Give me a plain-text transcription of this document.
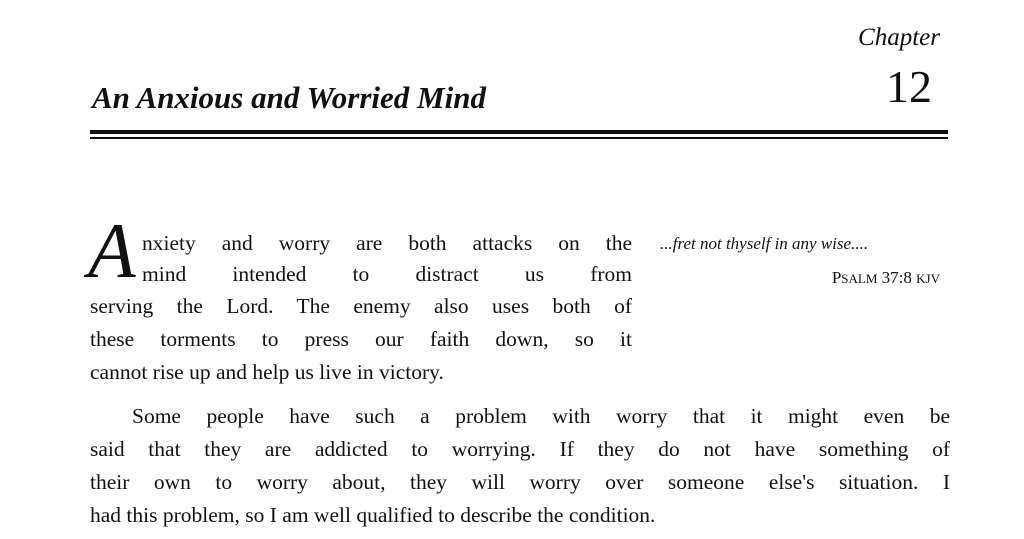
Chapter
12
An Anxious and Worried Mind
A nxiety and worry are both attacks on the
mind intended to distract us from
serving the Lord. The enemy also uses both of
these torments to press our faith down, so it
cannot rise up and help us live in victory.
...fret not thyself in any wise....
PSALM 37:8 KJV
Some people have such a problem with worry that it might even be
said that they are addicted to worrying. If they do not have something of
their own to worry about, they will worry over someone else's situation. I
had this problem, so I am well qualified to describe the condition.
